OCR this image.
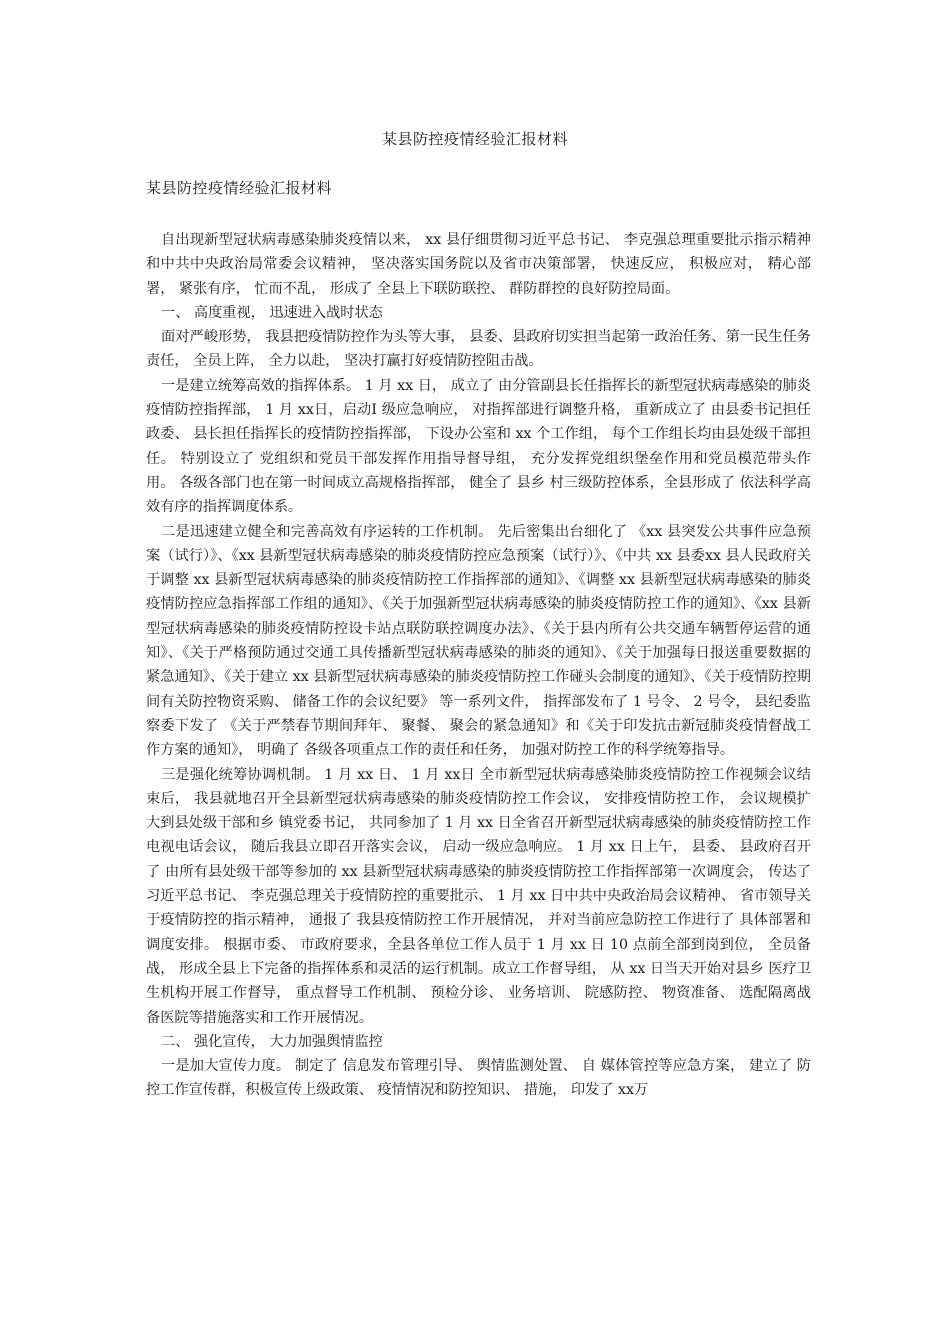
某县防控疫情经验汇报材料
某县防控疫情经验汇报材料

自出现新型冠状病毒感染肺炎疫情以来， xx 县仔细贯彻习近平总书记、 李克强总理重要批示指示精神和中共中央政治局常委会议精神， 坚决落实国务院以及省市决策部署， 快速反应， 积极应对， 精心部署， 紧张有序， 忙而不乱， 形成了 全县上下联防联控、 群防群控的良好防控局面。

一、 高度重视， 迅速进入战时状态

面对严峻形势， 我县把疫情防控作为头等大事， 县委、县政府切实担当起第一政治任务、第一民生任务责任， 全员上阵， 全力以赴， 坚决打赢打好疫情防控阻击战。

一是建立统筹高效的指挥体系。 1 月 xx 日， 成立了 由分管副县长任指挥长的新型冠状病毒感染的肺炎疫情防控指挥部， 1 月 xx日，启动Ⅰ 级应急响应， 对指挥部进行调整升格， 重新成立了 由县委书记担任政委、 县长担任指挥长的疫情防控指挥部， 下设办公室和 xx 个工作组， 每个工作组长均由县处级干部担任。 特别设立了 党组织和党员干部发挥作用指导督导组， 充分发挥党组织堡垒作用和党员模范带头作用。 各级各部门也在第一时间成立高规格指挥部， 健全了 县乡 村三级防控体系，全县形成了 依法科学高效有序的指挥调度体系。

二是迅速建立健全和完善高效有序运转的工作机制。 先后密集出台细化了 《xx 县突发公共事件应急预案（试行）》、《xx 县新型冠状病毒感染的肺炎疫情防控应急预案（试行）》、《中共 xx 县委xx 县人民政府关于调整 xx 县新型冠状病毒感染的肺炎疫情防控工作指挥部的通知》、《调整 xx 县新型冠状病毒感染的肺炎疫情防控应急指挥部工作组的通知》、《关于加强新型冠状病毒感染的肺炎疫情防控工作的通知》、《xx 县新型冠状病毒感染的肺炎疫情防控设卡站点联防联控调度办法》、《关于县内所有公共交通车辆暂停运营的通知》、《关于严格预防通过交通工具传播新型冠状病毒感染的肺炎的通知》、《关于加强每日报送重要数据的紧急通知》、《关于建立 xx 县新型冠状病毒感染的肺炎疫情防控工作碰头会制度的通知》、《关于疫情防控期间有关防控物资采购、 储备工作的会议纪要》 等一系列文件， 指挥部发布了 1 号令、 2 号令， 县纪委监察委下发了 《关于严禁春节期间拜年、 聚餐、 聚会的紧急通知》和《关于印发抗击新冠肺炎疫情督战工作方案的通知》， 明确了 各级各项重点工作的责任和任务， 加强对防控工作的科学统筹指导。

三是强化统筹协调机制。 1 月 xx 日、 1 月 xx日 全市新型冠状病毒感染肺炎疫情防控工作视频会议结束后， 我县就地召开全县新型冠状病毒感染的肺炎疫情防控工作会议， 安排疫情防控工作， 会议规模扩大到县处级干部和乡 镇党委书记， 共同参加了 1 月 xx 日全省召开新型冠状病毒感染的肺炎疫情防控工作电视电话会议， 随后我县立即召开落实会议， 启动一级应急响应。 1 月 xx 日上午， 县委、 县政府召开了 由所有县处级干部等参加的 xx 县新型冠状病毒感染的肺炎疫情防控工作指挥部第一次调度会， 传达了 习近平总书记、 李克强总理关于疫情防控的重要批示、 1 月 xx 日中共中央政治局会议精神、 省市领导关于疫情防控的指示精神， 通报了 我县疫情防控工作开展情况， 并对当前应急防控工作进行了 具体部署和调度安排。 根据市委、 市政府要求，全县各单位工作人员于 1 月 xx 日 10 点前全部到岗到位， 全员备战， 形成全县上下完备的指挥体系和灵活的运行机制。成立工作督导组， 从 xx 日当天开始对县乡 医疗卫生机构开展工作督导， 重点督导工作机制、 预检分诊、 业务培训、 院感防控、 物资准备、 选配隔离战备医院等措施落实和工作开展情况。

二、 强化宣传， 大力加强舆情监控

一是加大宣传力度。 制定了 信息发布管理引导、 舆情监测处置、 自 媒体管控等应急方案， 建立了 防控工作宣传群，积极宣传上级政策、 疫情情况和防控知识、 措施， 印发了 xx万
